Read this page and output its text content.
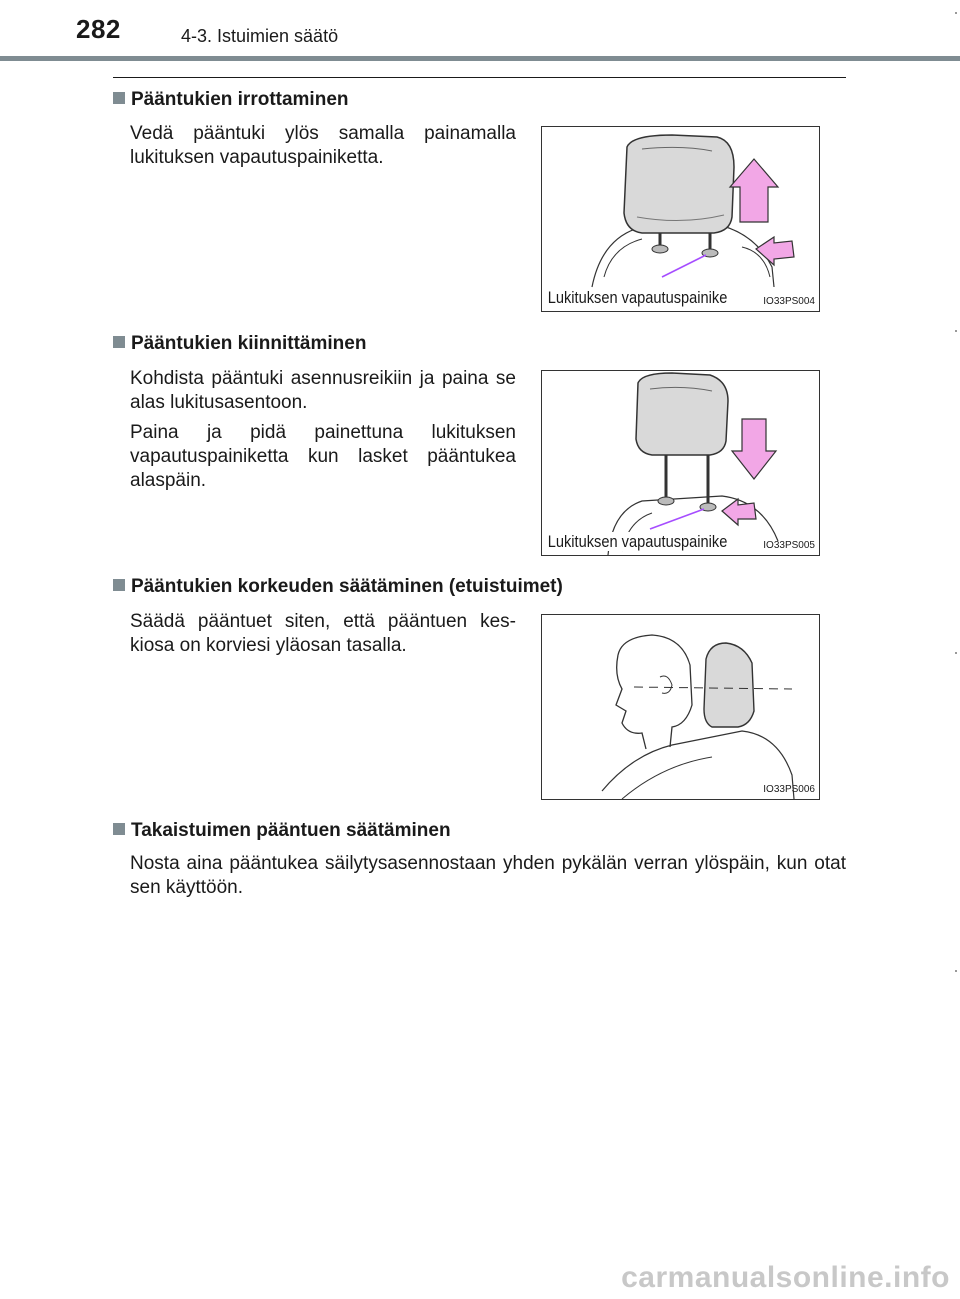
282	4-3. Istuimien säätö
Pääntukien irrottaminen
Vedä pääntuki ylös samalla painamalla lukituksen vapautuspainiketta.
Lukituksen vapautuspainike	IO33PS004
Pääntukien kiinnittäminen
Kohdista pääntuki asennusreikiin ja paina se alas lukitusasentoon.
Paina ja pidä painettuna lukituksen vapautuspainiketta kun lasket pääntukea alaspäin.
Lukituksen vapautuspainike	IO33PS005
Pääntukien korkeuden säätäminen (etuistuimet)
Säädä pääntuet siten, että pääntuen kes-kiosa on korviesi yläosan tasalla.
IO33PS006
Takaistuimen pääntuen säätäminen
Nosta aina pääntukea säilytysasennostaan yhden pykälän verran ylöspäin, kun otat sen käyttöön.
carmanualsonline.info
